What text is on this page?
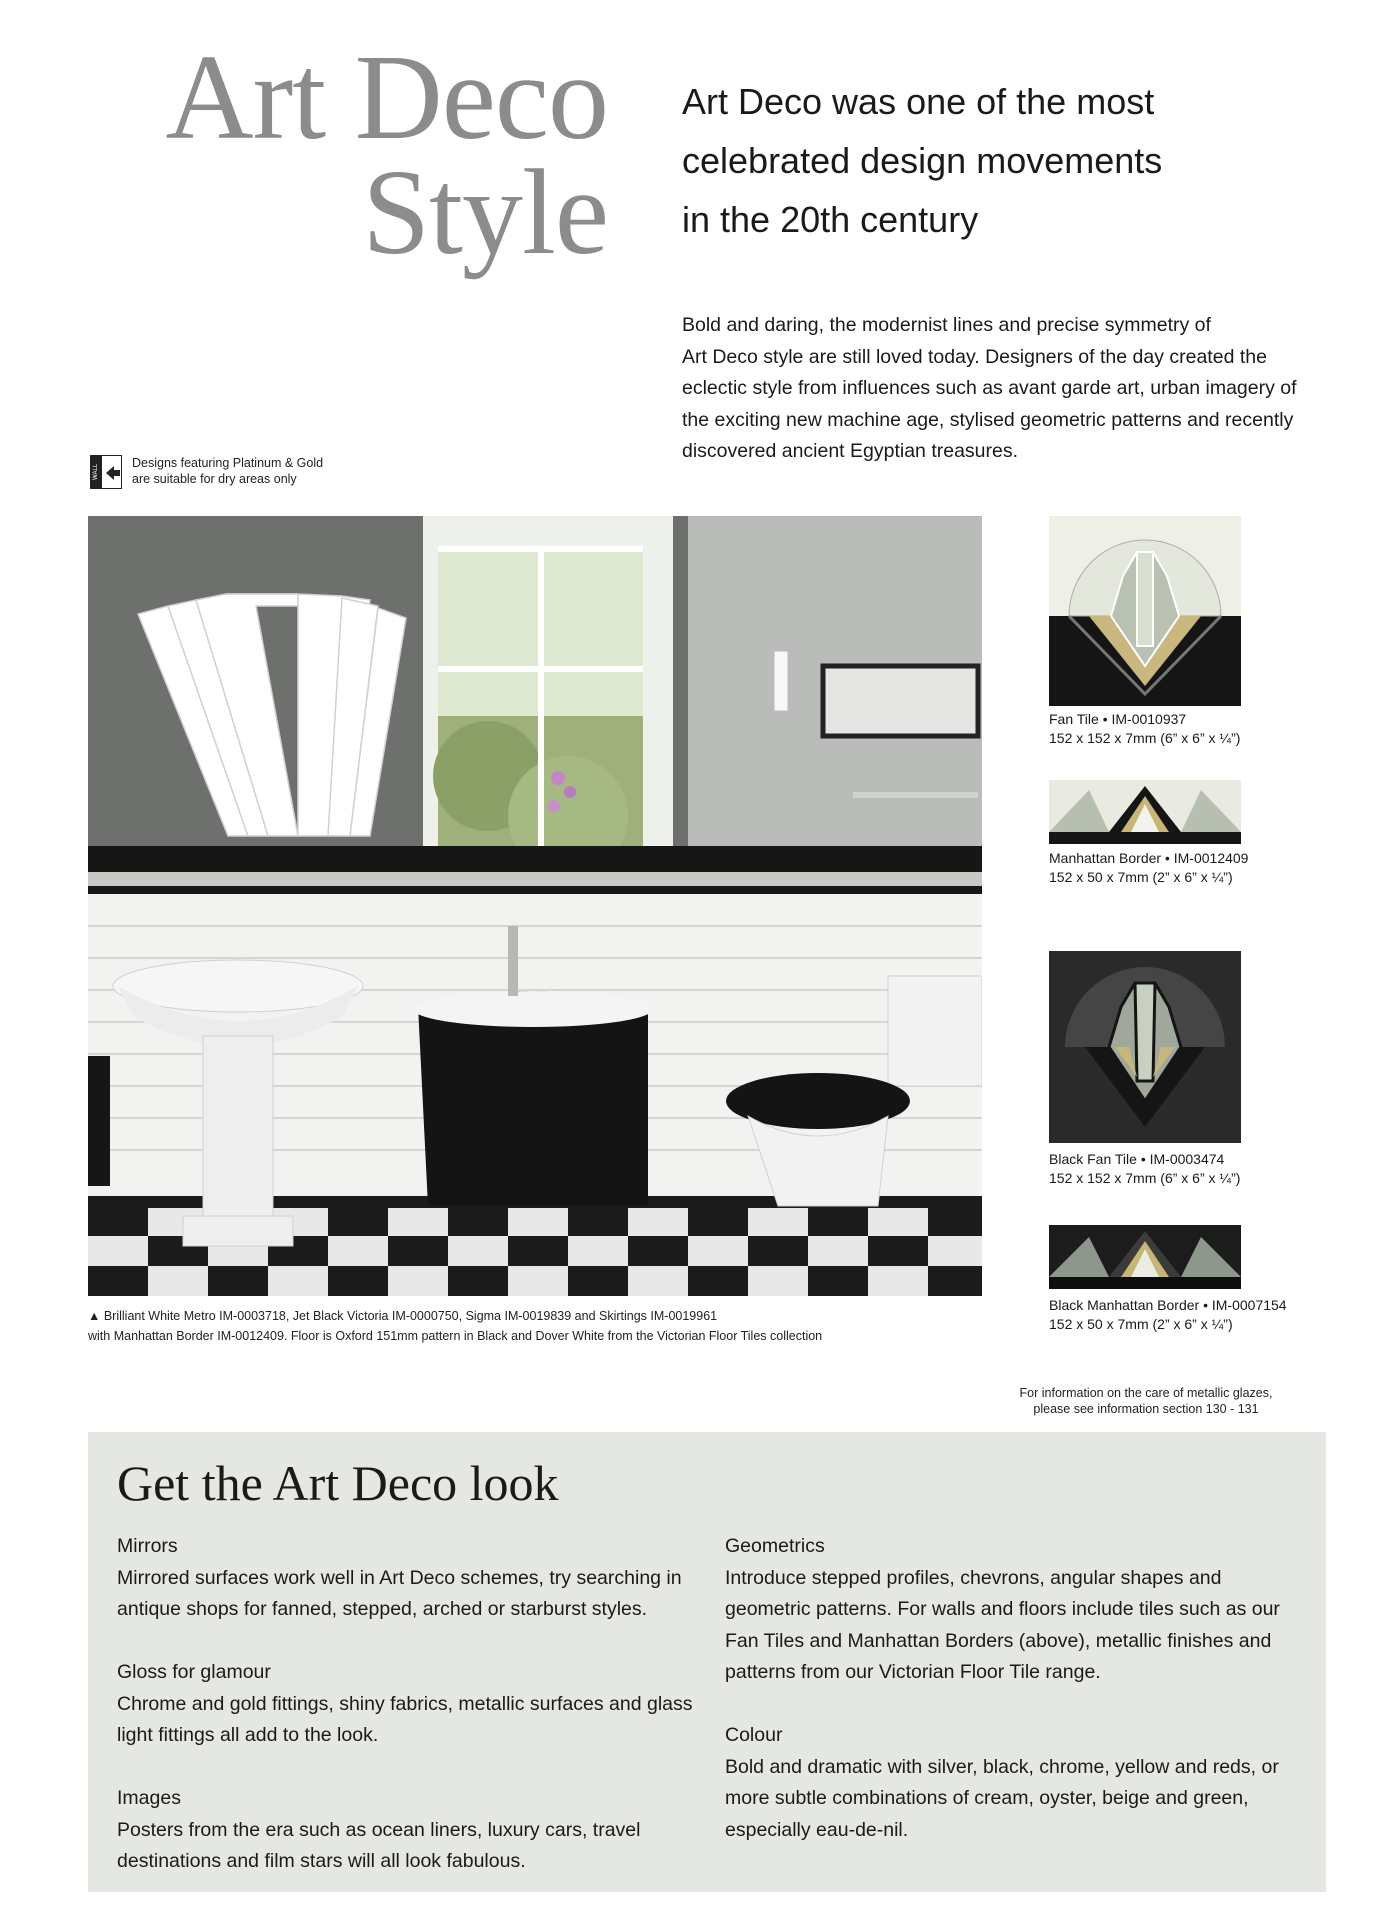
Art Deco
Style
Art Deco was one of the most
celebrated design movements
in the 20th century
Bold and daring, the modernist lines and precise symmetry of
Art Deco style are still loved today. Designers of the day created the
eclectic style from influences such as avant garde art, urban imagery of
the exciting new machine age, stylised geometric patterns and recently
discovered ancient Egyptian treasures.
WALL
Designs featuring Platinum & Gold
are suitable for dry areas only
▲ Brilliant White Metro IM-0003718, Jet Black Victoria IM-0000750, Sigma IM-0019839 and Skirtings IM-0019961
with Manhattan Border IM-0012409. Floor is Oxford 151mm pattern in Black and Dover White from the Victorian Floor Tiles collection
Fan Tile • IM-0010937
152 x 152 x 7mm (6” x 6” x ¼”)
Manhattan Border • IM-0012409
152 x 50 x 7mm (2” x 6” x ¼”)
Black Fan Tile • IM-0003474
152 x 152 x 7mm (6” x 6” x ¼”)
Black Manhattan Border • IM-0007154
152 x 50 x 7mm (2” x 6” x ¼”)
For information on the care of metallic glazes,
please see information section 130 - 131
Get the Art Deco look
Mirrors
Mirrored surfaces work well in Art Deco schemes, try searching in
antique shops for fanned, stepped, arched or starburst styles.
Gloss for glamour
Chrome and gold fittings, shiny fabrics, metallic surfaces and glass
light fittings all add to the look.
Images
Posters from the era such as ocean liners, luxury cars, travel
destinations and film stars will all look fabulous.
Geometrics
Introduce stepped profiles, chevrons, angular shapes and
geometric patterns. For walls and floors include tiles such as our
Fan Tiles and Manhattan Borders (above), metallic finishes and
patterns from our Victorian Floor Tile range.
Colour
Bold and dramatic with silver, black, chrome, yellow and reds, or
more subtle combinations of cream, oyster, beige and green,
especially eau-de-nil.
